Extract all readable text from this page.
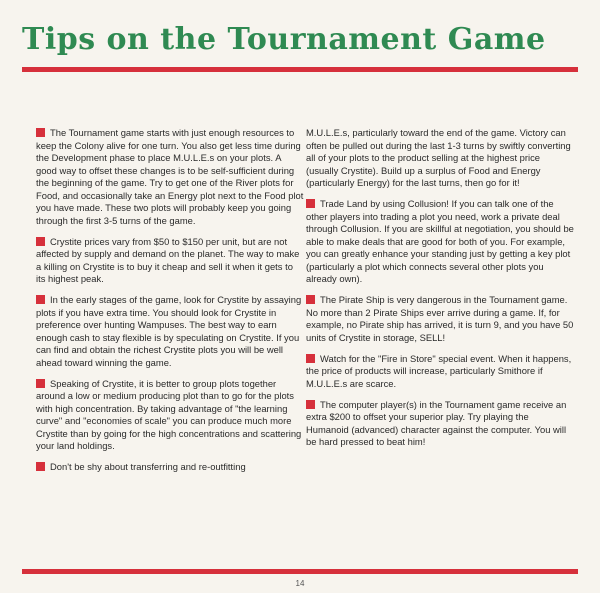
Tips on the Tournament Game

The Tournament game starts with just enough resources to keep the Colony alive for one turn. You also get less time during the Development phase to place M.U.L.E.s on your plots. A good way to offset these changes is to be self-sufficient during the beginning of the game. Try to get one of the River plots for Food, and occasionally take an Energy plot next to the Food plot you have made. These two plots will probably keep you going through the first 3-5 turns of the game.

Crystite prices vary from $50 to $150 per unit, but are not affected by supply and demand on the planet. The way to make a killing on Crystite is to buy it cheap and sell it when it gets to its highest peak.

In the early stages of the game, look for Crystite by assaying plots if you have extra time. You should look for Crystite in preference over hunting Wampuses. The best way to earn enough cash to stay flexible is by speculating on Crystite. If you can find and obtain the richest Crystite plots you will be well ahead toward winning the game.

Speaking of Crystite, it is better to group plots together around a low or medium producing plot than to go for the plots with high concentration. By taking advantage of "the learning curve" and "economies of scale" you can produce much more Crystite than by going for the high concentrations and scattering your land holdings.

Don't be shy about transferring and re-outfitting

M.U.L.E.s, particularly toward the end of the game. Victory can often be pulled out during the last 1-3 turns by swiftly converting all of your plots to the product selling at the highest price (usually Crystite). Build up a surplus of Food and Energy (particularly Energy) for the last turns, then go for it!

Trade Land by using Collusion! If you can talk one of the other players into trading a plot you need, work a private deal through Collusion. If you are skillful at negotiation, you should be able to make deals that are good for both of you. For example, you can greatly enhance your standing just by getting a key plot (particularly a plot which connects several other plots you already own).

The Pirate Ship is very dangerous in the Tournament game. No more than 2 Pirate Ships ever arrive during a game. If, for example, no Pirate ship has arrived, it is turn 9, and you have 50 units of Crystite in storage, SELL!

Watch for the "Fire in Store" special event. When it happens, the price of products will increase, particularly Smithore if M.U.L.E.s are scarce.

The computer player(s) in the Tournament game receive an extra $200 to offset your superior play. Try playing the Humanoid (advanced) character against the computer. You will be hard pressed to beat him!

14
